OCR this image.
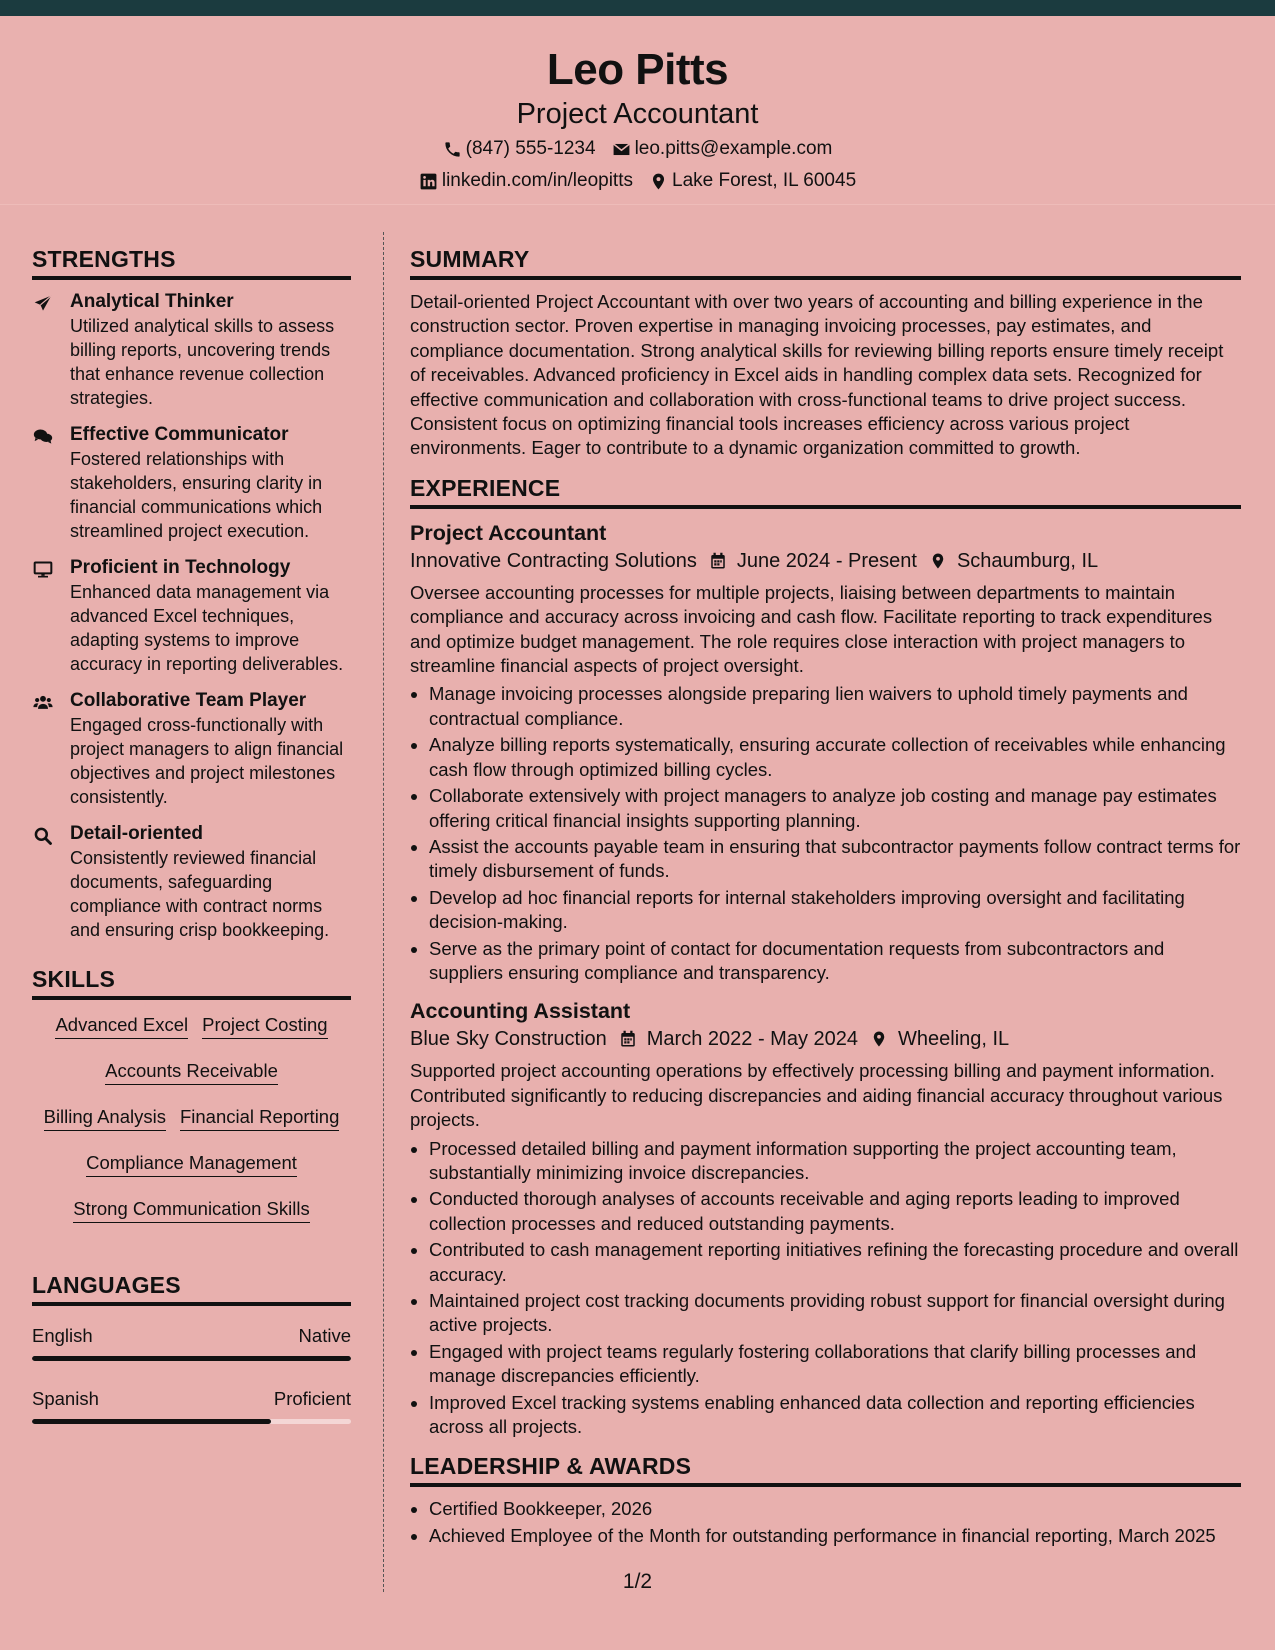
Leo Pitts
Project Accountant
(847) 555-1234 leo.pitts@example.com
linkedin.com/in/leopitts Lake Forest, IL 60045
STRENGTHS
Analytical Thinker
Utilized analytical skills to assess billing reports, uncovering trends that enhance revenue collection strategies.
Effective Communicator
Fostered relationships with stakeholders, ensuring clarity in financial communications which streamlined project execution.
Proficient in Technology
Enhanced data management via advanced Excel techniques, adapting systems to improve accuracy in reporting deliverables.
Collaborative Team Player
Engaged cross-functionally with project managers to align financial objectives and project milestones consistently.
Detail-oriented
Consistently reviewed financial documents, safeguarding compliance with contract norms and ensuring crisp bookkeeping.
SKILLS
Advanced Excel Project Costing
Accounts Receivable
Billing Analysis Financial Reporting
Compliance Management
Strong Communication Skills
LANGUAGES
English	Native
Spanish	Proficient
SUMMARY

Detail-oriented Project Accountant with over two years of accounting and billing experience in the construction sector. Proven expertise in managing invoicing processes, pay estimates, and compliance documentation. Strong analytical skills for reviewing billing reports ensure timely receipt of receivables. Advanced proficiency in Excel aids in handling complex data sets. Recognized for effective communication and collaboration with cross-functional teams to drive project success. Consistent focus on optimizing financial tools increases efficiency across various project environments. Eager to contribute to a dynamic organization committed to growth.

EXPERIENCE
Project Accountant
Innovative Contracting Solutions June 2024 - Present Schaumburg, IL

Oversee accounting processes for multiple projects, liaising between departments to maintain compliance and accuracy across invoicing and cash flow. Facilitate reporting to track expenditures and optimize budget management. The role requires close interaction with project managers to streamline financial aspects of project oversight.

• Manage invoicing processes alongside preparing lien waivers to uphold timely payments and contractual compliance.
• Analyze billing reports systematically, ensuring accurate collection of receivables while enhancing cash flow through optimized billing cycles.
• Collaborate extensively with project managers to analyze job costing and manage pay estimates offering critical financial insights supporting planning.
• Assist the accounts payable team in ensuring that subcontractor payments follow contract terms for timely disbursement of funds.
• Develop ad hoc financial reports for internal stakeholders improving oversight and facilitating decision-making.
• Serve as the primary point of contact for documentation requests from subcontractors and suppliers ensuring compliance and transparency.
Accounting Assistant
Blue Sky Construction March 2022 - May 2024 Wheeling, IL

Supported project accounting operations by effectively processing billing and payment information. Contributed significantly to reducing discrepancies and aiding financial accuracy throughout various projects.

• Processed detailed billing and payment information supporting the project accounting team, substantially minimizing invoice discrepancies.
• Conducted thorough analyses of accounts receivable and aging reports leading to improved collection processes and reduced outstanding payments.
• Contributed to cash management reporting initiatives refining the forecasting procedure and overall accuracy.
• Maintained project cost tracking documents providing robust support for financial oversight during active projects.
• Engaged with project teams regularly fostering collaborations that clarify billing processes and manage discrepancies efficiently.
• Improved Excel tracking systems enabling enhanced data collection and reporting efficiencies across all projects.
LEADERSHIP & AWARDS
• Certified Bookkeeper, 2026
• Achieved Employee of the Month for outstanding performance in financial reporting, March 2025
1/2
